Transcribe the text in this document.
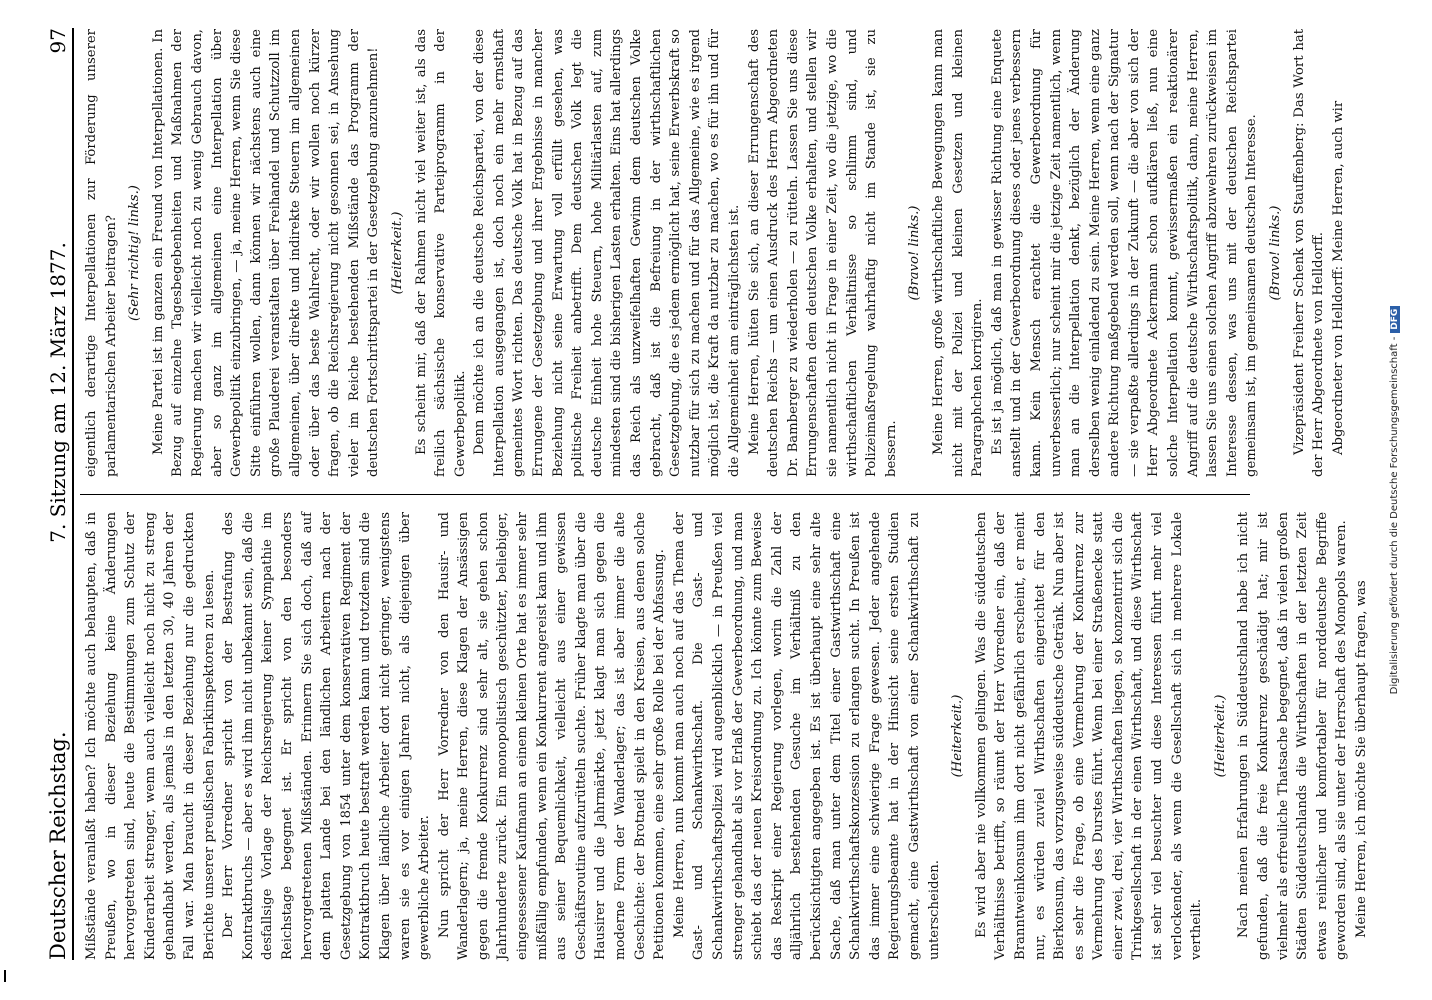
Deutscher Reichstag.
7. Sitzung am 12. März 1877.
97

Mißstände veranlaßt haben? Ich möchte auch behaupten, daß in Preußen, wo in dieser Beziehung keine Änderungen hervorgetreten sind, heute die Bestimmungen zum Schutz der Kinderarbeit strenger, wenn auch vielleicht noch nicht zu streng gehandhabt werden, als jemals in den letzten 30, 40 Jahren der Fall war. Man braucht in dieser Beziehung nur die gedruckten Berichte unserer preußischen Fabrikinspektoren zu lesen. Der Herr Vorredner spricht von der Bestrafung des Kontraktbruchs — aber es wird ihm nicht unbekannt sein, daß die desfallsige Vorlage der Reichsregierung keiner Sympathie im Reichstage begegnet ist. Er spricht von den besonders hervorgetretenen Mißständen. Erinnern Sie sich doch, daß auf dem platten Lande bei den ländlichen Arbeitern nach der Gesetzgebung von 1854 unter dem konservativen Regiment der Kontraktbruch heute bestraft werden kann und trotzdem sind die Klagen über ländliche Arbeiter dort nicht geringer, wenigstens waren sie es vor einigen Jahren nicht, als diejenigen über gewerbliche Arbeiter. Nun spricht der Herr Vorredner von den Hausir- und Wanderlagern; ja, meine Herren, diese Klagen der Ansässigen gegen die fremde Konkurrenz sind sehr alt, sie gehen schon Jahrhunderte zurück. Ein monopolistisch geschützter, beliebiger, eingesessener Kaufmann an einem kleinen Orte hat es immer sehr mißfällig empfunden, wenn ein Konkurrent angereist kam und ihm aus seiner Bequemlichkeit, vielleicht aus einer gewissen Geschäftsroutine aufzurütteln suchte. Früher klagte man über die Hausirer und die Jahrmärkte, jetzt klagt man sich gegen die moderne Form der Wanderlager; das ist aber immer die alte Geschichte: der Brotneid spielt in den Kreisen, aus denen solche Petitionen kommen, eine sehr große Rolle bei der Abfassung. Meine Herren, nun kommt man auch noch auf das Thema der Gast- und Schankwirthschaft. Die Gast- und Schankwirthschaftspolizei wird augenblicklich — in Preußen viel strenger gehandhabt als vor Erlaß der Gewerbeordnung, und man schiebt das der neuen Kreisordnung zu. Ich könnte zum Beweise das Reskript einer Regierung vorlegen, worin die Zahl der alljährlich bestehenden Gesuche im Verhältniß zu den berücksichtigten angegeben ist. Es ist überhaupt eine sehr alte Sache, daß man unter dem Titel einer Gastwirthschaft eine Schankwirthschaftskonzession zu erlangen sucht. In Preußen ist das immer eine schwierige Frage gewesen. Jeder angehende Regierungsbeamte hat in der Hinsicht seine ersten Studien gemacht, eine Gastwirthschaft von einer Schankwirthschaft zu unterscheiden.

(Heiterkeit.) Es wird aber nie vollkommen gelingen. Was die süddeutschen Verhältnisse betrifft, so räumt der Herr Vorredner ein, daß der Branntweinkonsum ihm dort nicht gefährlich erscheint, er meint nur, es würden zuviel Wirthschaften eingerichtet für den Bierkonsum, das vorzugsweise süddeutsche Getränk. Nun aber ist es sehr die Frage, ob eine Vermehrung der Konkurrenz zur Vermehrung des Durstes führt. Wenn bei einer Straßenecke statt einer zwei, drei, vier Wirthschaften liegen, so konzentrirt sich die Trinkgesellschaft in der einen Wirthschaft, und diese Wirthschaft ist sehr viel besuchter und diese Interessen führt mehr viel verlockender, als wenn die Gesellschaft sich in mehrere Lokale vertheilt.

(Heiterkeit.) Nach meinen Erfahrungen in Süddeutschland habe ich nicht gefunden, daß die freie Konkurrenz geschädigt hat; mir ist vielmehr als erfreuliche Thatsache begegnet, daß in vielen großen Städten Süddeutschlands die Wirthschaften in der letzten Zeit etwas reinlicher und komfortabler für norddeutsche Begriffe geworden sind, als sie unter der Herrschaft des Monopols waren. Meine Herren, ich möchte Sie überhaupt fragen, was

eigentlich derartige Interpellationen zur Förderung unserer parlamentarischen Arbeiter beitragen? (Sehr richtig! links.) Meine Partei ist im ganzen ein Freund von Interpellationen. In Bezug auf einzelne Tagesbegebenheiten und Maßnahmen der Regierung machen wir vielleicht noch zu wenig Gebrauch davon, aber so ganz im allgemeinen eine Interpellation über Gewerbepolitik einzubringen, — ja, meine Herren, wenn Sie diese Sitte einführen wollen, dann können wir nächstens auch eine große Plauderei veranstalten über Freihandel und Schutzzoll im allgemeinen, über direkte und indirekte Steuern im allgemeinen oder über das beste Wahlrecht, oder wir wollen noch kürzer fragen, ob die Reichsregierung nicht gesonnen sei, in Ansehung vieler im Reiche bestehenden Mißstände das Programm der deutschen Fortschrittspartei in der Gesetzgebung anzunehmen! (Heiterkeit.) Es scheint mir, daß der Rahmen nicht viel weiter ist, als das freilich sächsische konservative Parteiprogramm in der Gewerbepolitik. Denn möchte ich an die deutsche Reichspartei, von der diese Interpellation ausgegangen ist, doch noch ein mehr ernsthaft gemeintes Wort richten. Das deutsche Volk hat in Bezug auf das Errungene der Gesetzgebung und ihrer Ergebnisse in mancher Beziehung nicht seine Erwartung voll erfüllt gesehen, was politische Freiheit anbetrifft. Dem deutschen Volk legt die deutsche Einheit hohe Steuern, hohe Militärlasten auf, zum mindesten sind die bisherigen Lasten erhalten. Eins hat allerdings das Reich als unzweifelhaften Gewinn dem deutschen Volke gebracht, daß ist die Befreiung in der wirthschaftlichen Gesetzgebung, die es jedem ermöglicht hat, seine Erwerbskraft so nutzbar für sich zu machen und für das Allgemeine, wie es irgend möglich ist, die Kraft da nutzbar zu machen, wo es für ihn und für die Allgemeinheit am einträglichsten ist. Meine Herren, hüten Sie sich, an dieser Errungenschaft des deutschen Reichs — um einen Ausdruck des Herrn Abgeordneten Dr. Bamberger zu wiederholen — zu rütteln. Lassen Sie uns diese Errungenschaften dem deutschen Volke erhalten, und stellen wir sie namentlich nicht in Frage in einer Zeit, wo die jetzige, wo die wirthschaftlichen Verhältnisse so schlimm sind, und Polizeimaßregelung wahrhaftig nicht im Stande ist, sie zu bessern.

(Bravo! links.) Meine Herren, große wirthschaftliche Bewegungen kann man nicht mit der Polizei und kleinen Gesetzen und kleinen Paragraphchen korrigiren. Es ist ja möglich, daß man in gewisser Richtung eine Enquete anstellt und in der Gewerbeordnung dieses oder jenes verbessern kann. Kein Mensch erachtet die Gewerbeordnung für unverbesserlich; nur scheint mir die jetzige Zeit namentlich, wenn man an die Interpellation denkt, bezüglich der Änderung derselben wenig einladend zu sein. Meine Herren, wenn eine ganz andere Richtung maßgebend werden soll, wenn nach der Signatur — sie verpaßte allerdings in der Zukunft — die aber von sich der Herr Abgeordnete Ackermann schon aufklären ließ, nun eine solche Interpellation kommt, gewissermaßen ein reaktionärer Angriff auf die deutsche Wirthschaftspolitik, dann, meine Herren, lassen Sie uns einen solchen Angriff abzuwehren zurückweisen im Interesse dessen, was uns mit der deutschen Reichspartei gemeinsam ist, im gemeinsamen deutschen Interesse. (Bravo! links.) Vizepräsident Freiherr Schenk von Stauffenberg: Das Wort hat der Herr Abgeordnete von Helldorff. Abgeordneter von Helldorff: Meine Herren, auch wir

Digitalisierung gefördert durch die Deutsche Forschungsgemeinschaft -DFG
